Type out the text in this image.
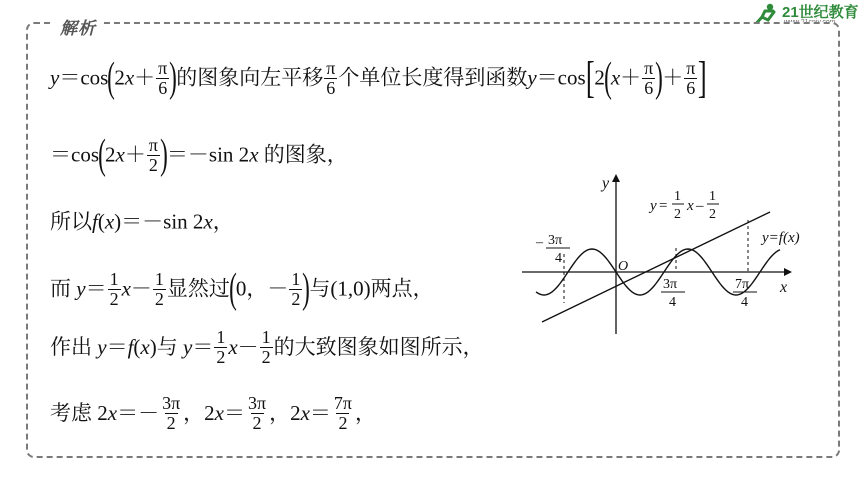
21世纪教育
解析
$y=\cos(2x+ \frac{\pi}{6}$ )的图象向左平移 $\frac{\pi}{6}$ 个单位长度得到函数$y=\cos[2(x+ \frac{\pi}{6}$ )＋ $\frac{\pi}{6}$ ]
$=\cos(2x+ \frac{\pi}{2} )=-\sin$ 2x 的图象，
所以f(x)＝－sin 2x，
而 $y= \frac{1}{2} x- \frac{1}{2}$ 显然过(0，－ $\frac{1}{2}$ )与(1,0)两点，
作出 y＝f(x)与 $y= \frac{1}{2} x- \frac{1}{2}$ 的大致图象如图所示，
考虑 $2x=- \frac{3\pi}{2}$ ，$2x= \frac{3\pi}{2}$ ，$2x= \frac{7\pi}{2}$ ，
y
x
O
y =
1
2
x –
1
2
y=f(x)
– 3π
4
3π
4
7π
4
